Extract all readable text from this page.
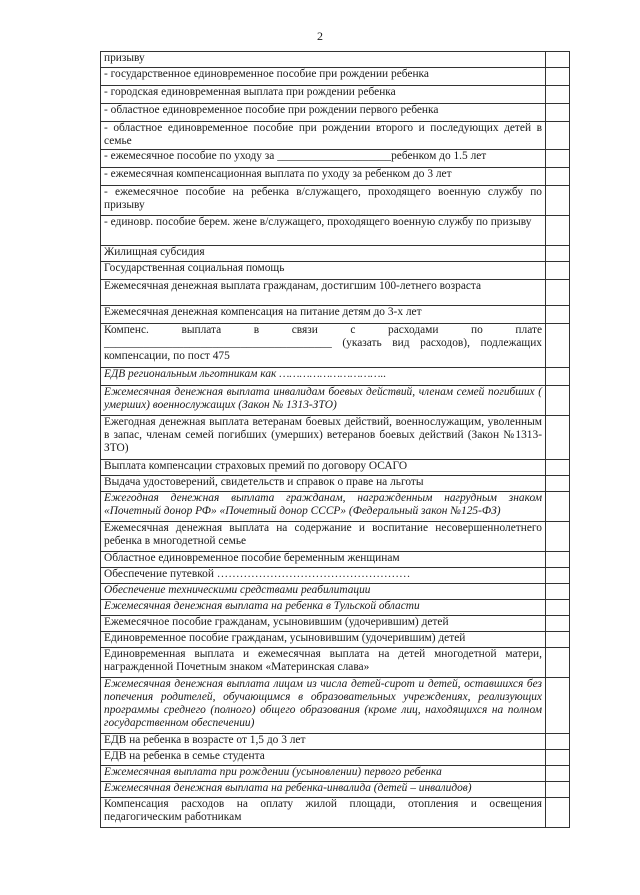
2
призыву	
- государственное единовременное пособие при рождении ребенка	
- городская единовременная выплата при рождении ребенка	
- областное единовременное пособие при рождении первого ребенка	
- областное единовременное пособие при рождении второго и последующих детей в семье	
- ежемесячное пособие по уходу за ____________________ребенком до 1.5 лет	
- ежемесячная компенсационная выплата по уходу за ребенком до 3 лет	
- ежемесячное пособие на ребенка в/служащего, проходящего военную службу по призыву	
- единовр. пособие берем. жене в/служащего, проходящего военную службу по призыву	
Жилищная субсидия	
Государственная социальная помощь	
Ежемесячная денежная выплата гражданам, достигшим 100-летнего возраста	
Ежемесячная денежная компенсация на питание детям до 3-х лет	
Компенс. выплата в связи с расходами по плате ________________________________________ (указать вид расходов), подлежащих компенсации, по пост 475	
ЕДВ региональным льготникам как …………………………..	
Ежемесячная денежная выплата инвалидам боевых действий, членам семей погибших ( умерших) военнослужащих (Закон № 1313-ЗТО)	
Ежегодная денежная выплата ветеранам боевых действий, военнослужащим, уволенным в запас, членам семей погибших (умерших) ветеранов боевых действий (Закон №1313-ЗТО)	
Выплата компенсации страховых премий по договору ОСАГО	
Выдача удостоверений, свидетельств и справок о праве на льготы	
Ежегодная денежная выплата гражданам, награжденным нагрудным знаком «Почетный донор РФ» «Почетный донор СССР» (Федеральный закон №125-ФЗ)	
Ежемесячная денежная выплата на содержание и воспитание несовершеннолетнего ребенка в многодетной семье	
Областное единовременное пособие беременным женщинам	
Обеспечение путевкой ……………………………………………	
Обеспечение техническими средствами реабилитации	
Ежемесячная денежная выплата на ребенка в Тульской области	
Ежемесячное пособие гражданам, усыновившим (удочерившим) детей	
Единовременное пособие гражданам, усыновившим (удочерившим) детей	
Единовременная выплата и ежемесячная выплата на детей многодетной матери, награжденной Почетным знаком «Материнская слава»	
Ежемесячная денежная выплата лицам из числа детей-сирот и детей, оставшихся без попечения родителей, обучающимся в образовательных учреждениях, реализующих программы среднего (полного) общего образования (кроме лиц, находящихся на полном государственном обеспечении)	
ЕДВ на ребенка в возрасте от 1,5 до 3 лет	
ЕДВ на ребенка в семье студента	
Ежемесячная выплата при рождении (усыновлении) первого ребенка	
Ежемесячная денежная выплата на ребенка-инвалида (детей – инвалидов)	
Компенсация расходов на оплату жилой площади, отопления и освещения педагогическим работникам	
